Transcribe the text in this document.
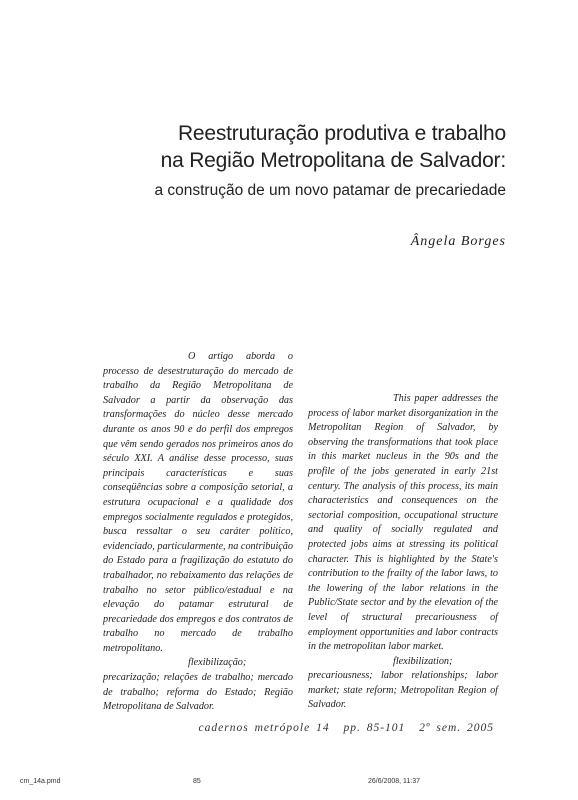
Reestruturação produtiva e trabalho
na Região Metropolitana de Salvador:
a construção de um novo patamar de precariedade
Ângela Borges

O artigo aborda o processo de desestruturação do mercado de trabalho da Região Metropolitana de Salvador a partir da observação das transformações do núcleo desse mercado durante os anos 90 e do perfil dos empregos que vêm sendo gerados nos primeiros anos do século XXI. A análise desse processo, suas principais características e suas conseqüências sobre a composição setorial, a estrutura ocupacional e a qualidade dos empregos socialmente regulados e protegidos, busca ressaltar o seu caráter político, evidenciado, particularmente, na contribuição do Estado para a fragilização do estatuto do trabalhador, no rebaixamento das relações de trabalho no setor público/estadual e na elevação do patamar estrutural de precariedade dos empregos e dos contratos de trabalho no mercado de trabalho metropolitano.

flexibilização; precarização; relações de trabalho; mercado de trabalho; reforma do Estado; Região Metropolitana de Salvador.

This paper addresses the process of labor market disorganization in the Metropolitan Region of Salvador, by observing the transformations that took place in this market nucleus in the 90s and the profile of the jobs generated in early 21st century. The analysis of this process, its main characteristics and consequences on the sectorial composition, occupational structure and quality of socially regulated and protected jobs aims at stressing its political character. This is highlighted by the State's contribution to the frailty of the labor laws, to the lowering of the labor relations in the Public/State sector and by the elevation of the level of structural precariousness of employment opportunities and labor contracts in the metropolitan labor market.

flexibilization; precariousness; labor relationships; labor market; state reform; Metropolitan Region of Salvador.

cadernos metrópole 14 pp. 85-101 2º sem. 2005
cm_14a.pmd	85	26/6/2008, 11:37
